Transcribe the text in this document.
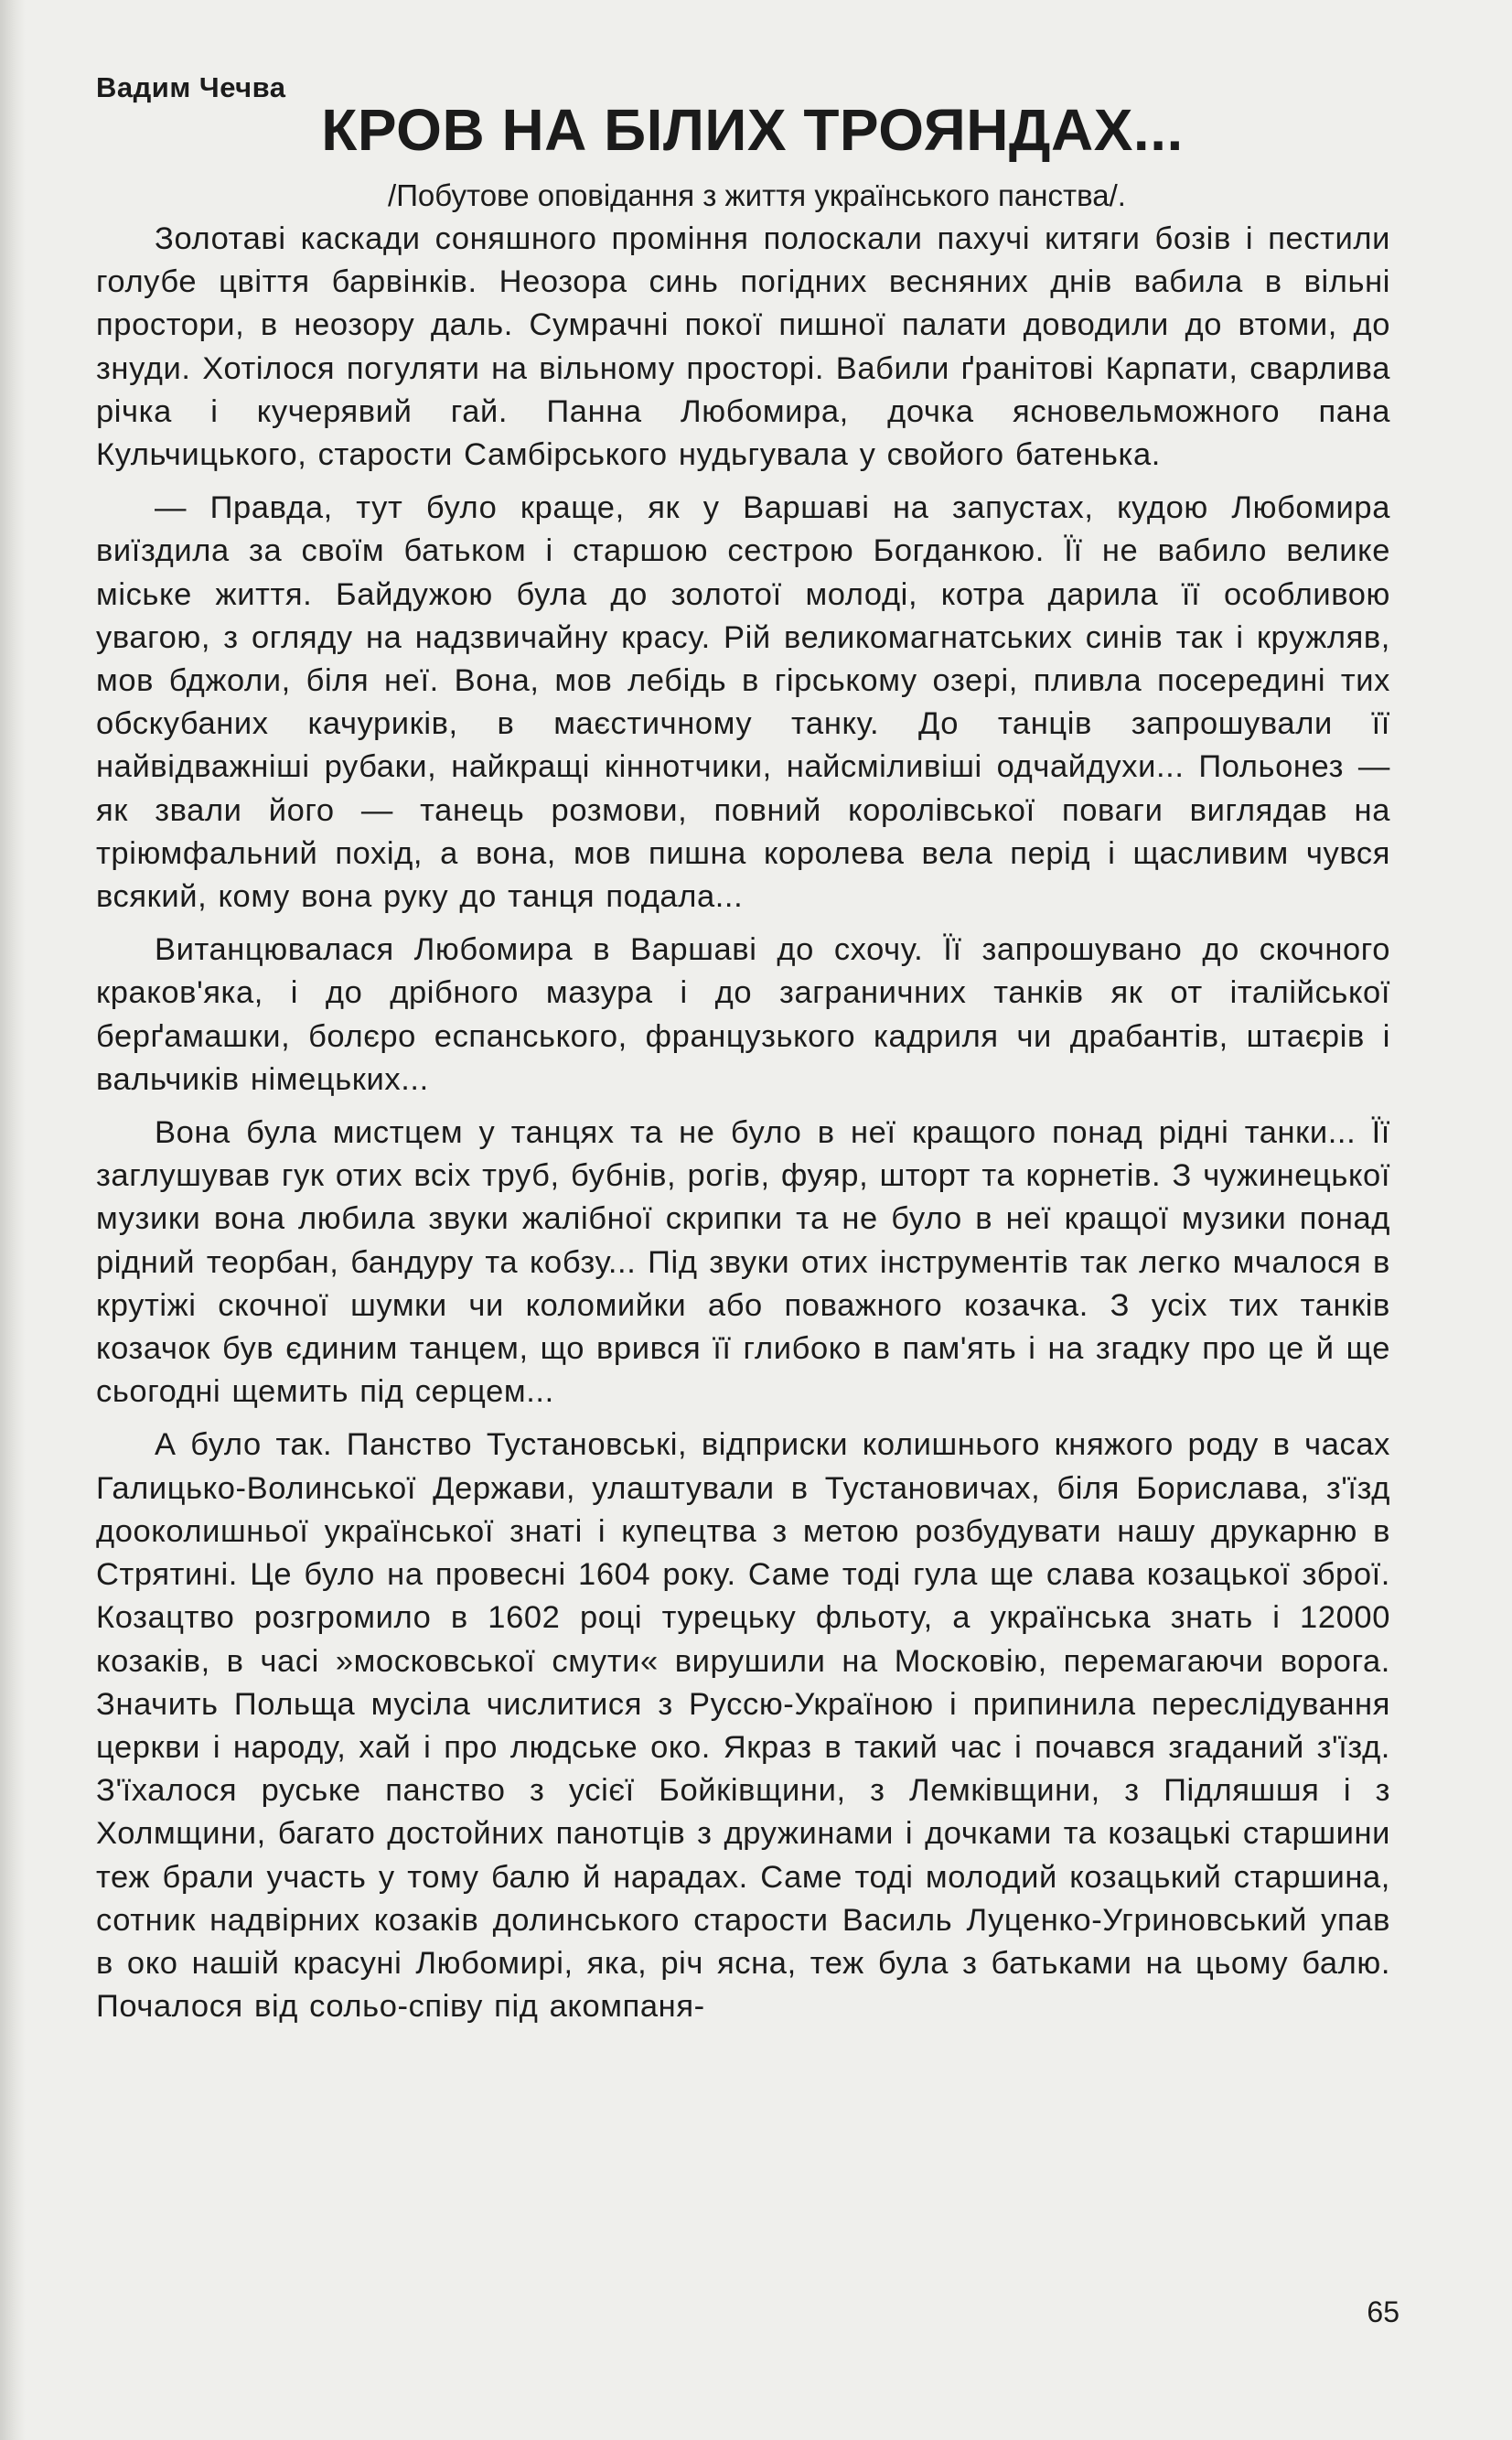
Вадим Чечва
КРОВ НА БІЛИХ ТРОЯНДАХ...
/Побутове оповідання з життя українського панства/.

Золотаві каскади соняшного проміння полоскали пахучі китяги бозів і пестили голубе цвіття барвінків. Неозора синь погідних весняних днів вабила в вільні простори, в неозору даль. Сумрачні покої пишної палати доводили до втоми, до знуди. Хотілося погуляти на вільному просторі. Вабили ґранітові Карпати, сварлива річка і кучерявий гай. Панна Любомира, дочка ясновельможного пана Кульчицького, старости Самбірського нудьгувала у свойого батенька.

— Правда, тут було краще, як у Варшаві на запустах, кудою Любомира виїздила за своїм батьком і старшою сестрою Богданкою. Її не вабило велике міське життя. Байдужою була до золотої молоді, котра дарила її особливою увагою, з огляду на надзвичайну красу. Рій великомагнатських синів так і кружляв, мов бджоли, біля неї. Вона, мов лебідь в гірському озері, пливла посередині тих обскубаних качуриків, в маєстичному танку. До танців запрошували її найвідважніші рубаки, найкращі кіннотчики, найсміливіші одчайдухи... Польонез — як звали його — танець розмови, повний королівської поваги виглядав на тріюмфальний похід, а вона, мов пишна королева вела перід і щасливим чувся всякий, кому вона руку до танця подала...

Витанцювалася Любомира в Варшаві до схочу. Її запрошувано до скочного краков'яка, і до дрібного мазура і до заграничних танків як от італійської берґамашки, болєро еспанського, французького кадриля чи драбантів, штаєрів і вальчиків німецьких...

Вона була мистцем у танцях та не було в неї кращого понад рідні танки... Її заглушував гук отих всіх труб, бубнів, рогів, фуяр, шторт та корнетів. З чужинецької музики вона любила звуки жалібної скрипки та не було в неї кращої музики понад рідний теорбан, бандуру та кобзу... Під звуки отих інструментів так легко мчалося в крутіжі скочної шумки чи коломийки або поважного козачка. З усіх тих танків козачок був єдиним танцем, що врився її глибоко в пам'ять і на згадку про це й ще сьогодні щемить під серцем...

А було так. Панство Тустановські, відприски колишнього княжого роду в часах Галицько-Волинської Держави, улаштували в Тустановичах, біля Борислава, з'їзд дооколишньої української знаті і купецтва з метою розбудувати нашу друкарню в Стрятині. Це було на провесні 1604 року. Саме тоді гула ще слава козацької зброї. Козацтво розгромило в 1602 році турецьку фльоту, а українська знать і 12000 козаків, в часі »московської смути« вирушили на Московію, перемагаючи ворога. Значить Польща мусіла числитися з Руссю-Україною і припинила переслідування церкви і народу, хай і про людське око. Якраз в такий час і почався згаданий з'їзд. З'їхалося руське панство з усієї Бойківщини, з Лемківщини, з Підляшшя і з Холмщини, багато достойних панотців з дружинами і дочками та козацькі старшини теж брали участь у тому балю й нарадах. Саме тоді молодий козацький старшина, сотник надвірних козаків долинського старости Василь Луценко-Угриновський упав в око нашій красуні Любомирі, яка, річ ясна, теж була з батьками на цьому балю. Почалося від сольо-співу під акомпаня-

65
